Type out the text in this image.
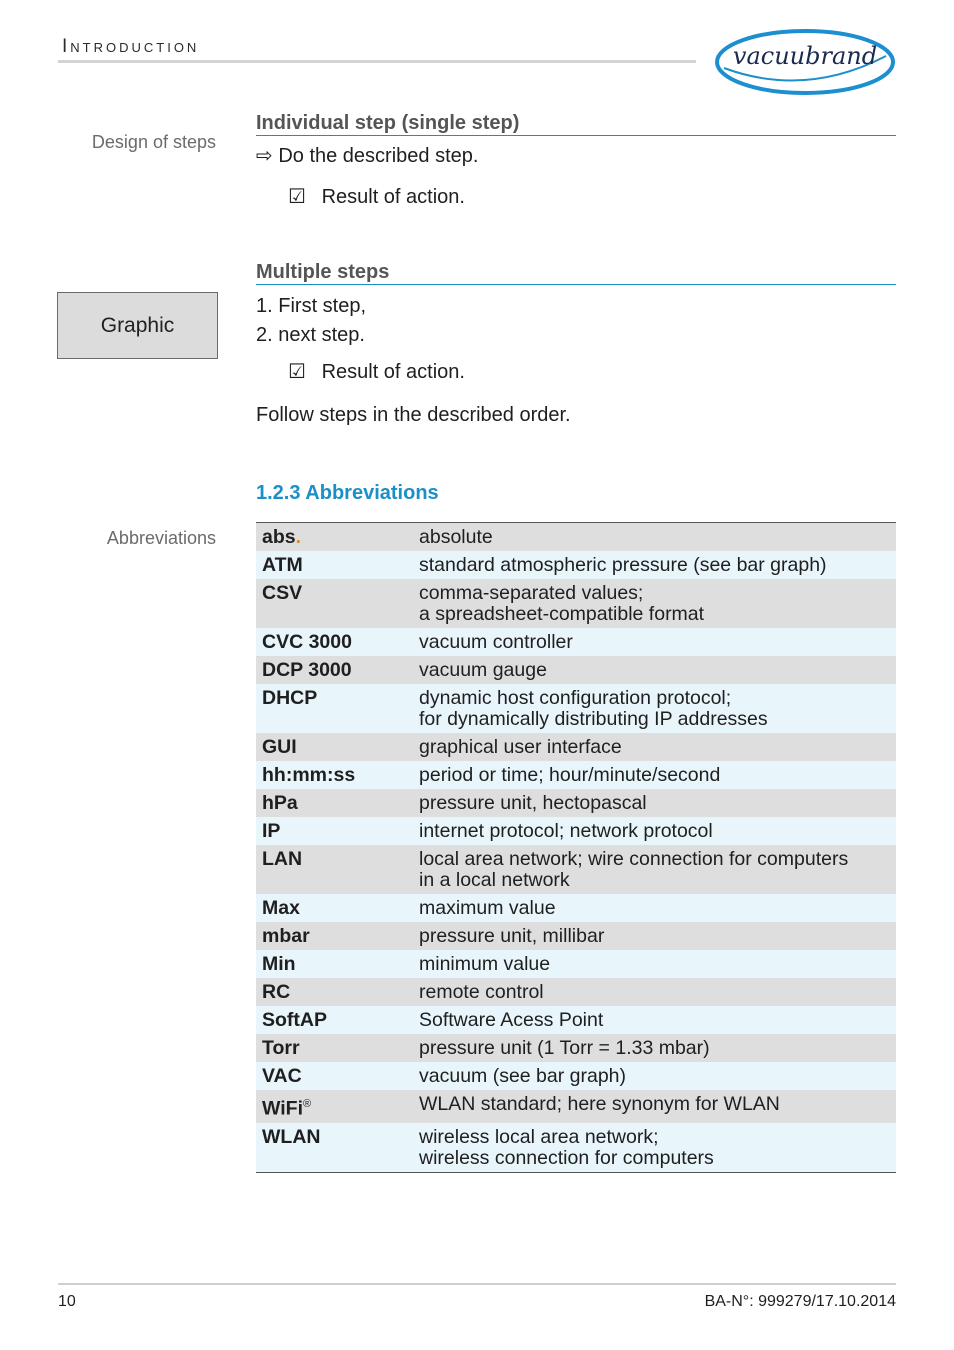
Introduction	vacuubrand
Design of steps
Graphic
Abbreviations
Individual step (single step)
⇨ Do the described step.
☑ Result of action.
Multiple steps
1. First step,
2. next step.
☑ Result of action.
Follow steps in the described order.
1.2.3 Abbreviations
abs.	absolute

ATM	standard atmospheric pressure (see bar graph)

CSV	comma-separated values;
a spreadsheet-compatible format

CVC 3000	vacuum controller

DCP 3000	vacuum gauge

DHCP	dynamic host configuration protocol;
for dynamically distributing IP addresses

GUI	graphical user interface

hh:mm:ss	period or time; hour/minute/second

hPa	pressure unit, hectopascal

IP	internet protocol; network protocol

LAN	local area network; wire connection for computers
in a local network

Max	maximum value

mbar	pressure unit, millibar

Min	minimum value

RC	remote control

SoftAP	Software Acess Point

Torr	pressure unit (1 Torr = 1.33 mbar)

VAC	vacuum (see bar graph)

WiFi®	WLAN standard; here synonym for WLAN

WLAN	wireless local area network;
wireless connection for computers
10	BA-N°: 999279/17.10.2014
